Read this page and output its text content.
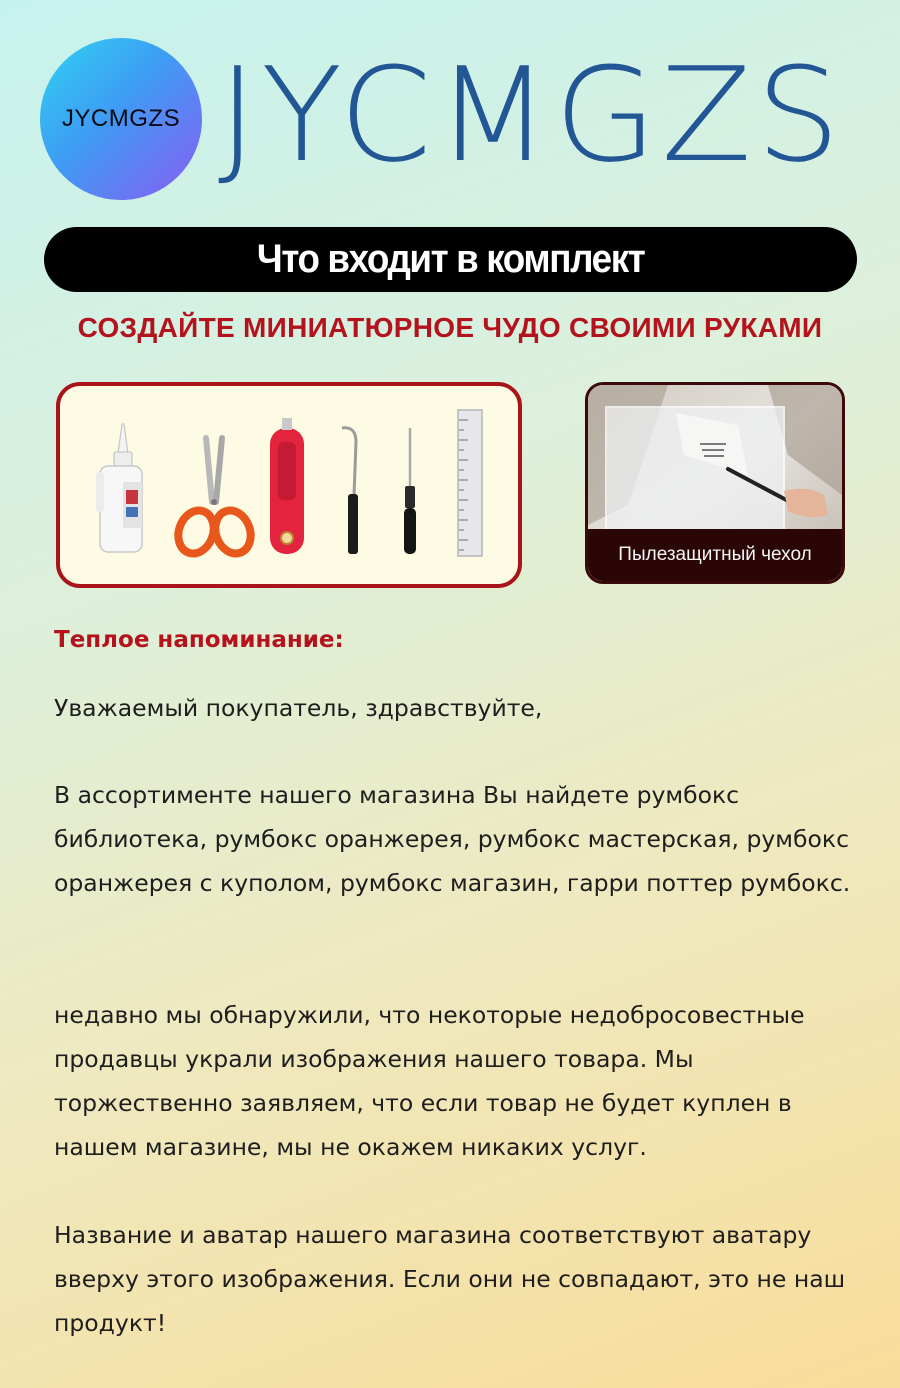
JYCMGZS JYCMGZS
Что входит в комплект
СОЗДАЙТЕ МИНИАТЮРНОЕ ЧУДО СВОИМИ РУКАМИ
Пылезащитный чехол
Теплое напоминание:

Уважаемый покупатель, здравствуйте,

В ассортименте нашего магазина Вы найдете румбокс библиотека, румбокс оранжерея, румбокс мастерская, румбокс оранжерея с куполом, румбокс магазин, гарри поттер румбокс.

недавно мы обнаружили, что некоторые недобросовестные продавцы украли изображения нашего товара. Мы торжественно заявляем, что если товар не будет куплен в нашем магазине, мы не окажем никаких услуг.

Название и аватар нашего магазина соответствуют аватару вверху этого изображения. Если они не совпадают, это не наш продукт!
